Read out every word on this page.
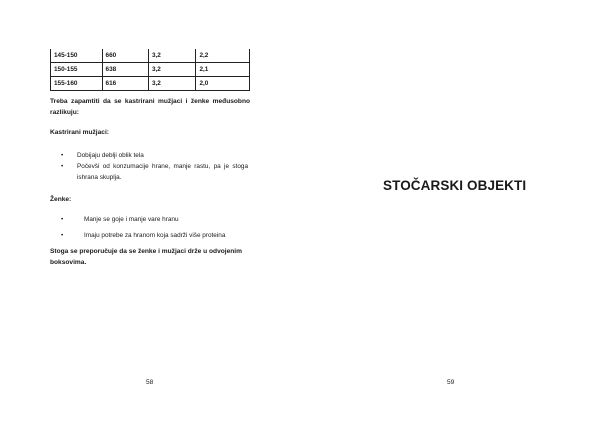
145-150	660	3,2	2,2
150-155	638	3,2	2,1
155-160	616	3,2	2,0

Treba zapamtiti da se kastrirani mužjaci i ženke međusobno razlikuju:

Kastrirani mužjaci:

• Dobijaju deblji oblik tela
• Počevši od konzumacije hrane, manje rastu, pa je stoga ishrana skuplja.

Ženke:

•	Manje se goje i manje vare hranu
•	Imaju potrebe za hranom koja sadrži više proteina

Stoga se preporučuje da se ženke i mužjaci drže u odvojenim boksovima.

58
STOČARSKI OBJEKTI
59
